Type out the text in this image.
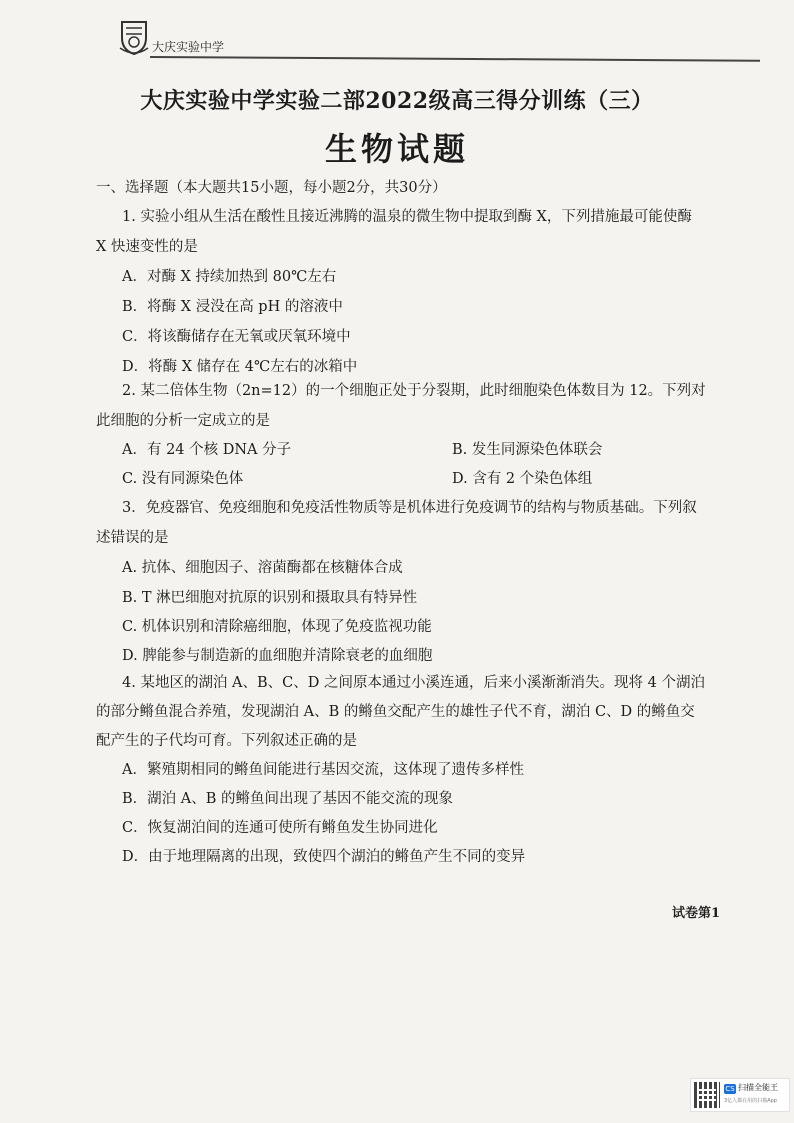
大庆实验中学
大庆实验中学实验二部2022级高三得分训练（三）
生物试题
一、选择题（本大题共15小题，每小题2分，共30分）
1. 实验小组从生活在酸性且接近沸腾的温泉的微生物中提取到酶 X，下列措施最可能使酶
X 快速变性的是
A．对酶 X 持续加热到 80℃左右
B．将酶 X 浸没在高 pH 的溶液中
C．将该酶储存在无氧或厌氧环境中
D．将酶 X 储存在 4℃左右的冰箱中
2. 某二倍体生物（2n=12）的一个细胞正处于分裂期，此时细胞染色体数目为 12。下列对
此细胞的分析一定成立的是
A．有 24 个核 DNA 分子	B. 发生同源染色体联会
C. 没有同源染色体	D. 含有 2 个染色体组
3．免疫器官、免疫细胞和免疫活性物质等是机体进行免疫调节的结构与物质基础。下列叙
述错误的是
A. 抗体、细胞因子、溶菌酶都在核糖体合成
B. T 淋巴细胞对抗原的识别和摄取具有特异性
C. 机体识别和清除癌细胞，体现了免疫监视功能
D. 脾能参与制造新的血细胞并清除衰老的血细胞
4. 某地区的湖泊 A、B、C、D 之间原本通过小溪连通，后来小溪渐渐消失。现将 4 个湖泊
的部分鳉鱼混合养殖，发现湖泊 A、B 的鳉鱼交配产生的雄性子代不育，湖泊 C、D 的鳉鱼交
配产生的子代均可育。下列叙述正确的是
A．繁殖期相同的鳉鱼间能进行基因交流，这体现了遗传多样性
B．湖泊 A、B 的鳉鱼间出现了基因不能交流的现象
C．恢复湖泊间的连通可使所有鳉鱼发生协同进化
D．由于地理隔离的出现，致使四个湖泊的鳉鱼产生不同的变异
试卷第1
CS 扫描全能王
3亿人都在用的扫描App
